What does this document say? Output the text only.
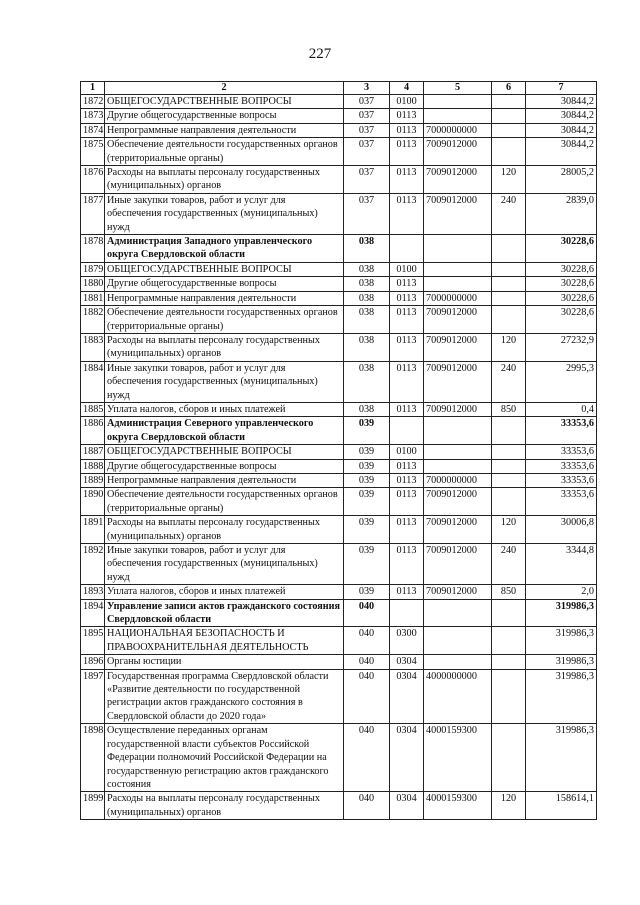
227
1	2	3	4	5	6	7
1872	ОБЩЕГОСУДАРСТВЕННЫЕ ВОПРОСЫ	037	0100			30844,2
1873	Другие общегосударственные вопросы	037	0113			30844,2
1874	Непрограммные направления деятельности	037	0113	7000000000		30844,2
1875	Обеспечение деятельности государственных органов (территориальные органы)	037	0113	7009012000		30844,2
1876	Расходы на выплаты персоналу государственных (муниципальных) органов	037	0113	7009012000	120	28005,2
1877	Иные закупки товаров, работ и услуг для обеспечения государственных (муниципальных) нужд	037	0113	7009012000	240	2839,0
1878	Администрация Западного управленческого округа Свердловской области	038				30228,6
1879	ОБЩЕГОСУДАРСТВЕННЫЕ ВОПРОСЫ	038	0100			30228,6
1880	Другие общегосударственные вопросы	038	0113			30228,6
1881	Непрограммные направления деятельности	038	0113	7000000000		30228,6
1882	Обеспечение деятельности государственных органов (территориальные органы)	038	0113	7009012000		30228,6
1883	Расходы на выплаты персоналу государственных (муниципальных) органов	038	0113	7009012000	120	27232,9
1884	Иные закупки товаров, работ и услуг для обеспечения государственных (муниципальных) нужд	038	0113	7009012000	240	2995,3
1885	Уплата налогов, сборов и иных платежей	038	0113	7009012000	850	0,4
1886	Администрация Северного управленческого округа Свердловской области	039				33353,6
1887	ОБЩЕГОСУДАРСТВЕННЫЕ ВОПРОСЫ	039	0100			33353,6
1888	Другие общегосударственные вопросы	039	0113			33353,6
1889	Непрограммные направления деятельности	039	0113	7000000000		33353,6
1890	Обеспечение деятельности государственных органов (территориальные органы)	039	0113	7009012000		33353,6
1891	Расходы на выплаты персоналу государственных (муниципальных) органов	039	0113	7009012000	120	30006,8
1892	Иные закупки товаров, работ и услуг для обеспечения государственных (муниципальных) нужд	039	0113	7009012000	240	3344,8
1893	Уплата налогов, сборов и иных платежей	039	0113	7009012000	850	2,0
1894	Управление записи актов гражданского состояния Свердловской области	040				319986,3
1895	НАЦИОНАЛЬНАЯ БЕЗОПАСНОСТЬ И ПРАВООХРАНИТЕЛЬНАЯ ДЕЯТЕЛЬНОСТЬ	040	0300			319986,3
1896	Органы юстиции	040	0304			319986,3
1897	Государственная программа Свердловской области «Развитие деятельности по государственной регистрации актов гражданского состояния в Свердловской области до 2020 года»	040	0304	4000000000		319986,3
1898	Осуществление переданных органам государственной власти субъектов Российской Федерации полномочий Российской Федерации на государственную регистрацию актов гражданского состояния	040	0304	4000159300		319986,3
1899	Расходы на выплаты персоналу государственных (муниципальных) органов	040	0304	4000159300	120	158614,1
